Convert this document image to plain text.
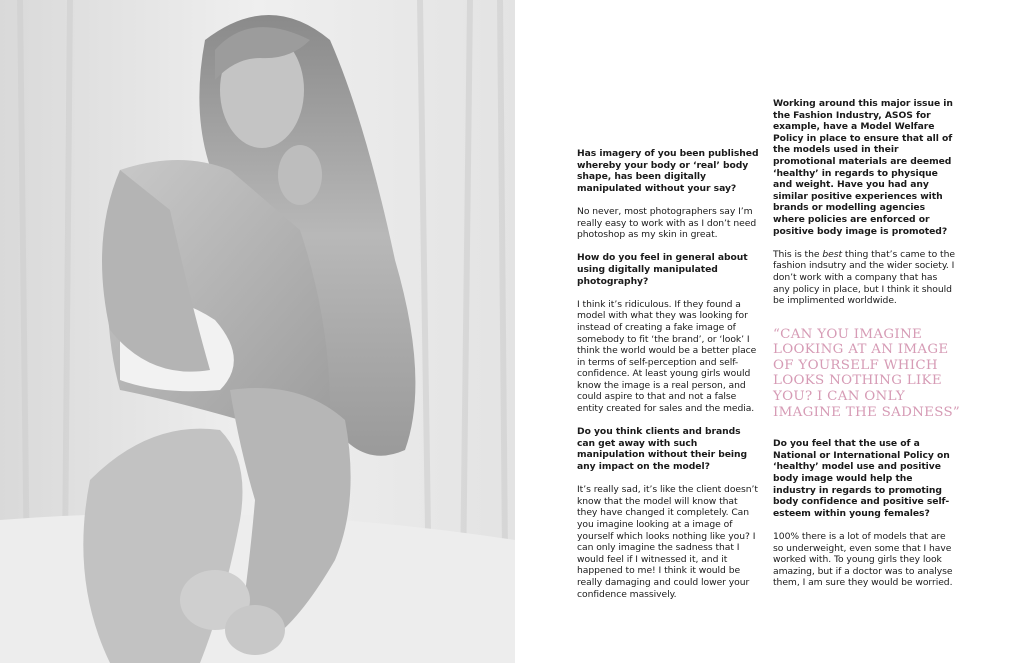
Has imagery of you been published whereby your body or ‘real’ body shape, has been digitally manipulated without your say?

No never, most photographers say I’m really easy to work with as I don’t need photoshop as my skin in great.

How do you feel in general about using digitally manipulated photography?

I think it’s ridiculous. If they found a model with what they was looking for instead of creating a fake image of somebody to fit ‘the brand’, or ‘look’ I think the world would be a better place in terms of self-perception and self-confidence. At least young girls would know the image is a real person, and could aspire to that and not a false entity created for sales and the media.

Do you think clients and brands can get away with such manipulation without their being any impact on the model?

It’s really sad, it’s like the client doesn’t know that the model will know that they have changed it completely. Can you imagine looking at a image of yourself which looks nothing like you? I can only imagine the sadness that I would feel if I witnessed it, and it happened to me! I think it would be really damaging and could lower your confidence massively.

Working around this major issue in the Fashion Industry, ASOS for example, have a Model Welfare Policy in place to ensure that all of the models used in their promotional materials are deemed ‘healthy’ in regards to physique and weight. Have you had any similar positive experiences with brands or modelling agencies where policies are enforced or positive body image is promoted?

This is the best thing that’s came to the fashion indsutry and the wider society. I don’t work with a company that has any policy in place, but I think it should be implimented worldwide.

“CAN YOU IMAGINE LOOKING AT AN IMAGE OF YOURSELF WHICH LOOKS NOTHING LIKE YOU? I CAN ONLY IMAGINE THE SADNESS”

Do you feel that the use of a National or International Policy on ‘healthy’ model use and positive body image would help the industry in regards to promoting body confidence and positive self-esteem within young females?

100% there is a lot of models that are so underweight, even some that I have worked with. To young girls they look amazing, but if a doctor was to analyse them, I am sure they would be worried.
